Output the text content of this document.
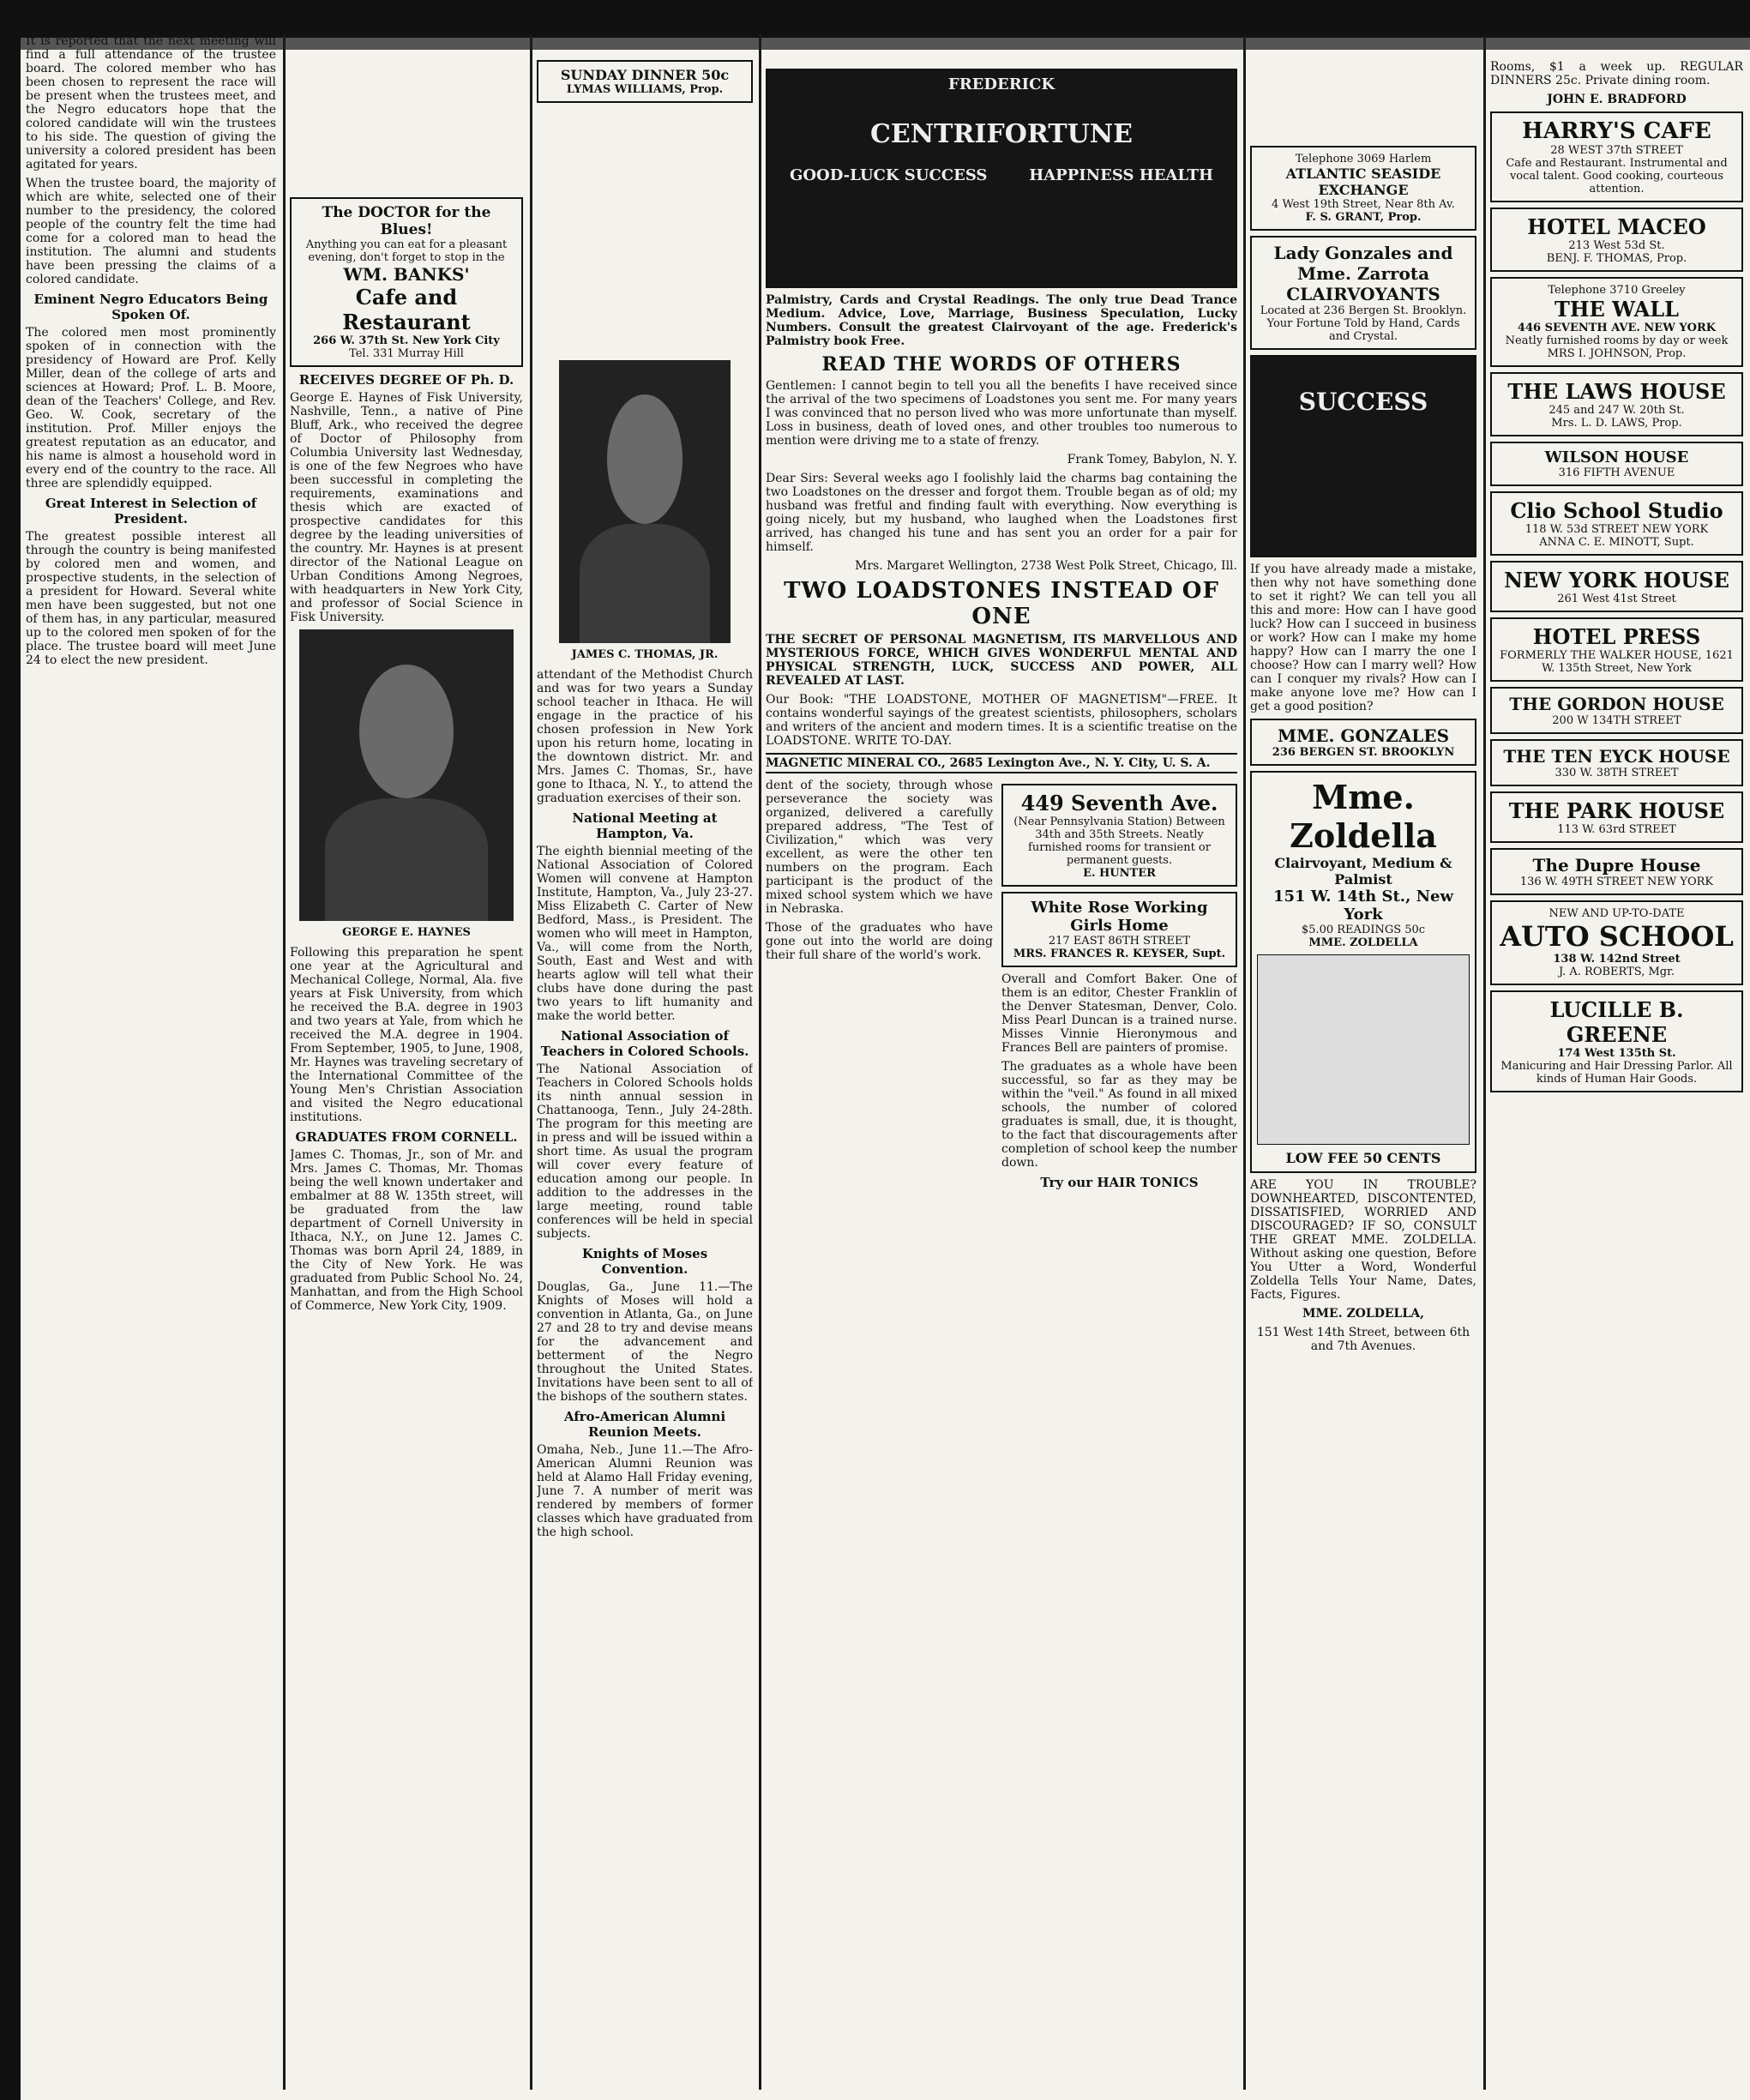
It is reported that the next meeting will find a full attendance of the trustee board. The colored member who has been chosen to represent the race will be present when the trustees meet, and the Negro educators hope that the colored candidate will win the trustees to his side. The question of giving the university a colored president has been agitated for years.

When the trustee board, the majority of which are white, selected one of their number to the presidency, the colored people of the country felt the time had come for a colored man to head the institution. The alumni and students have been pressing the claims of a colored candidate.

Eminent Negro Educators Being Spoken Of.

The colored men most prominently spoken of in connection with the presidency of Howard are Prof. Kelly Miller, dean of the college of arts and sciences at Howard; Prof. L. B. Moore, dean of the Teachers' College, and Rev. Geo. W. Cook, secretary of the institution. Prof. Miller enjoys the greatest reputation as an educator, and his name is almost a household word in every end of the country to the race. All three are splendidly equipped.

Great Interest in Selection of President.

The greatest possible interest all through the country is being manifested by colored men and women, and prospective students, in the selection of a president for Howard. Several white men have been suggested, but not one of them has, in any particular, measured up to the colored men spoken of for the place. The trustee board will meet June 24 to elect the new president.

The DOCTOR for the Blues!
Anything you can eat for a pleasant evening, don't forget to stop in the
WM. BANKS'
Cafe and Restaurant
266 W. 37th St. New York City
Tel. 331 Murray Hill
RECEIVES DEGREE OF Ph. D.

George E. Haynes of Fisk University, Nashville, Tenn., a native of Pine Bluff, Ark., who received the degree of Doctor of Philosophy from Columbia University last Wednesday, is one of the few Negroes who have been successful in completing the requirements, examinations and thesis which are exacted of prospective candidates for this degree by the leading universities of the country. Mr. Haynes is at present director of the National League on Urban Conditions Among Negroes, with headquarters in New York City, and professor of Social Science in Fisk University.

GEORGE E. HAYNES

Following this preparation he spent one year at the Agricultural and Mechanical College, Normal, Ala. five years at Fisk University, from which he received the B.A. degree in 1903 and two years at Yale, from which he received the M.A. degree in 1904. From September, 1905, to June, 1908, Mr. Haynes was traveling secretary of the International Committee of the Young Men's Christian Association and visited the Negro educational institutions.

GRADUATES FROM CORNELL.

James C. Thomas, Jr., son of Mr. and Mrs. James C. Thomas, Mr. Thomas being the well known undertaker and embalmer at 88 W. 135th street, will be graduated from the law department of Cornell University in Ithaca, N.Y., on June 12. James C. Thomas was born April 24, 1889, in the City of New York. He was graduated from Public School No. 24, Manhattan, and from the High School of Commerce, New York City, 1909.

SUNDAY DINNER 50c
LYMAS WILLIAMS, Prop.
JAMES C. THOMAS, JR.

attendant of the Methodist Church and was for two years a Sunday school teacher in Ithaca. He will engage in the practice of his chosen profession in New York upon his return home, locating in the downtown district. Mr. and Mrs. James C. Thomas, Sr., have gone to Ithaca, N. Y., to attend the graduation exercises of their son.

National Meeting at Hampton, Va.

The eighth biennial meeting of the National Association of Colored Women will convene at Hampton Institute, Hampton, Va., July 23-27. Miss Elizabeth C. Carter of New Bedford, Mass., is President. The women who will meet in Hampton, Va., will come from the North, South, East and West and with hearts aglow will tell what their clubs have done during the past two years to lift humanity and make the world better.

National Association of Teachers in Colored Schools.

The National Association of Teachers in Colored Schools holds its ninth annual session in Chattanooga, Tenn., July 24-28th. The program for this meeting are in press and will be issued within a short time. As usual the program will cover every feature of education among our people. In addition to the addresses in the large meeting, round table conferences will be held in special subjects.

Knights of Moses Convention.

Douglas, Ga., June 11.—The Knights of Moses will hold a convention in Atlanta, Ga., on June 27 and 28 to try and devise means for the advancement and betterment of the Negro throughout the United States. Invitations have been sent to all of the bishops of the southern states.

Afro-American Alumni Reunion Meets.

Omaha, Neb., June 11.—The Afro-American Alumni Reunion was held at Alamo Hall Friday evening, June 7. A number of merit was rendered by members of former classes which have graduated from the high school.

FREDERICK
CENTRIFORTUNE
GOOD-LUCK SUCCESS	HAPPINESS HEALTH

Palmistry, Cards and Crystal Readings. The only true Dead Trance Medium. Advice, Love, Marriage, Business Speculation, Lucky Numbers. Consult the greatest Clairvoyant of the age. Frederick's Palmistry book Free.

READ THE WORDS OF OTHERS

Gentlemen: I cannot begin to tell you all the benefits I have received since the arrival of the two specimens of Loadstones you sent me. For many years I was convinced that no person lived who was more unfortunate than myself. Loss in business, death of loved ones, and other troubles too numerous to mention were driving me to a state of frenzy.

Frank Tomey, Babylon, N. Y.

Dear Sirs: Several weeks ago I foolishly laid the charms bag containing the two Loadstones on the dresser and forgot them. Trouble began as of old; my husband was fretful and finding fault with everything. Now everything is going nicely, but my husband, who laughed when the Loadstones first arrived, has changed his tune and has sent you an order for a pair for himself.

Mrs. Margaret Wellington, 2738 West Polk Street, Chicago, Ill.

TWO LOADSTONES INSTEAD OF ONE

THE SECRET OF PERSONAL MAGNETISM, ITS MARVELLOUS AND MYSTERIOUS FORCE, WHICH GIVES WONDERFUL MENTAL AND PHYSICAL STRENGTH, LUCK, SUCCESS AND POWER, ALL REVEALED AT LAST.

Our Book: "THE LOADSTONE, MOTHER OF MAGNETISM"—FREE. It contains wonderful sayings of the greatest scientists, philosophers, scholars and writers of the ancient and modern times. It is a scientific treatise on the LOADSTONE. WRITE TO-DAY.

MAGNETIC MINERAL CO., 2685 Lexington Ave., N. Y. City, U. S. A.

dent of the society, through whose perseverance the society was organized, delivered a carefully prepared address, "The Test of Civilization," which was very excellent, as were the other ten numbers on the program. Each participant is the product of the mixed school system which we have in Nebraska.

Those of the graduates who have gone out into the world are doing their full share of the world's work.

449 Seventh Ave.
(Near Pennsylvania Station) Between 34th and 35th Streets. Neatly furnished rooms for transient or permanent guests.
E. HUNTER
White Rose Working Girls Home
217 EAST 86TH STREET
MRS. FRANCES R. KEYSER, Supt.

Overall and Comfort Baker. One of them is an editor, Chester Franklin of the Denver Statesman, Denver, Colo. Miss Pearl Duncan is a trained nurse. Misses Vinnie Hieronymous and Frances Bell are painters of promise.

The graduates as a whole have been successful, so far as they may be within the "veil." As found in all mixed schools, the number of colored graduates is small, due, it is thought, to the fact that discouragements after completion of school keep the number down.

Try our HAIR TONICS
Telephone 3069 Harlem
ATLANTIC SEASIDE EXCHANGE
4 West 19th Street, Near 8th Av.
F. S. GRANT, Prop.
Lady Gonzales and Mme. Zarrota CLAIRVOYANTS
Located at 236 Bergen St. Brooklyn. Your Fortune Told by Hand, Cards and Crystal.
SUCCESS

If you have already made a mistake, then why not have something done to set it right? We can tell you all this and more: How can I have good luck? How can I succeed in business or work? How can I make my home happy? How can I marry the one I choose? How can I marry well? How can I conquer my rivals? How can I make anyone love me? How can I get a good position?

MME. GONZALES
236 BERGEN ST. BROOKLYN
Mme. Zoldella
Clairvoyant, Medium & Palmist
151 W. 14th St., New York
$5.00 READINGS 50c
MME. ZOLDELLA
LOW FEE 50 CENTS

ARE YOU IN TROUBLE? DOWNHEARTED, DISCONTENTED, DISSATISFIED, WORRIED AND DISCOURAGED? IF SO, CONSULT THE GREAT MME. ZOLDELLA. Without asking one question, Before You Utter a Word, Wonderful Zoldella Tells Your Name, Dates, Facts, Figures.

MME. ZOLDELLA,

151 West 14th Street, between 6th and 7th Avenues.

Rooms, $1 a week up. REGULAR DINNERS 25c. Private dining room.

JOHN E. BRADFORD

HARRY'S CAFE
28 WEST 37th STREET
Cafe and Restaurant. Instrumental and vocal talent. Good cooking, courteous attention.
HOTEL MACEO
213 West 53d St.
BENJ. F. THOMAS, Prop.
Telephone 3710 Greeley
THE WALL
446 SEVENTH AVE. NEW YORK
Neatly furnished rooms by day or week
MRS I. JOHNSON, Prop.
THE LAWS HOUSE
245 and 247 W. 20th St.
Mrs. L. D. LAWS, Prop.
WILSON HOUSE
316 FIFTH AVENUE
Clio School Studio
118 W. 53d STREET NEW YORK
ANNA C. E. MINOTT, Supt.
NEW YORK HOUSE
261 West 41st Street
HOTEL PRESS
FORMERLY THE WALKER HOUSE, 1621 W. 135th Street, New York
THE GORDON HOUSE
200 W 134TH STREET
THE TEN EYCK HOUSE
330 W. 38TH STREET
THE PARK HOUSE
113 W. 63rd STREET
The Dupre House
136 W. 49TH STREET NEW YORK
NEW AND UP-TO-DATE
AUTO SCHOOL
138 W. 142nd Street
J. A. ROBERTS, Mgr.
LUCILLE B. GREENE
174 West 135th St.
Manicuring and Hair Dressing Parlor. All kinds of Human Hair Goods.
